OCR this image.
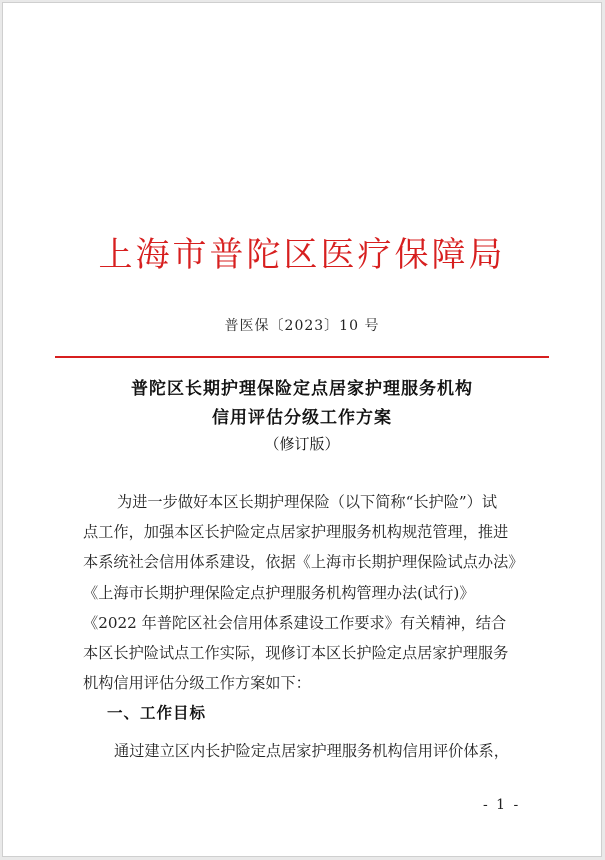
上海市普陀区医疗保障局
普医保〔2023〕10 号
普陀区长期护理保险定点居家护理服务机构
信用评估分级工作方案
（修订版）
为进一步做好本区长期护理保险（以下简称“长护险”）试
点工作，加强本区长护险定点居家护理服务机构规范管理，推进
本系统社会信用体系建设，依据《上海市长期护理保险试点办法》
《上海市长期护理保险定点护理服务机构管理办法(试行)》
《2022 年普陀区社会信用体系建设工作要求》有关精神，结合
本区长护险试点工作实际，现修订本区长护险定点居家护理服务
机构信用评估分级工作方案如下：
一、工作目标
通过建立区内长护险定点居家护理服务机构信用评价体系，
- 1 -
